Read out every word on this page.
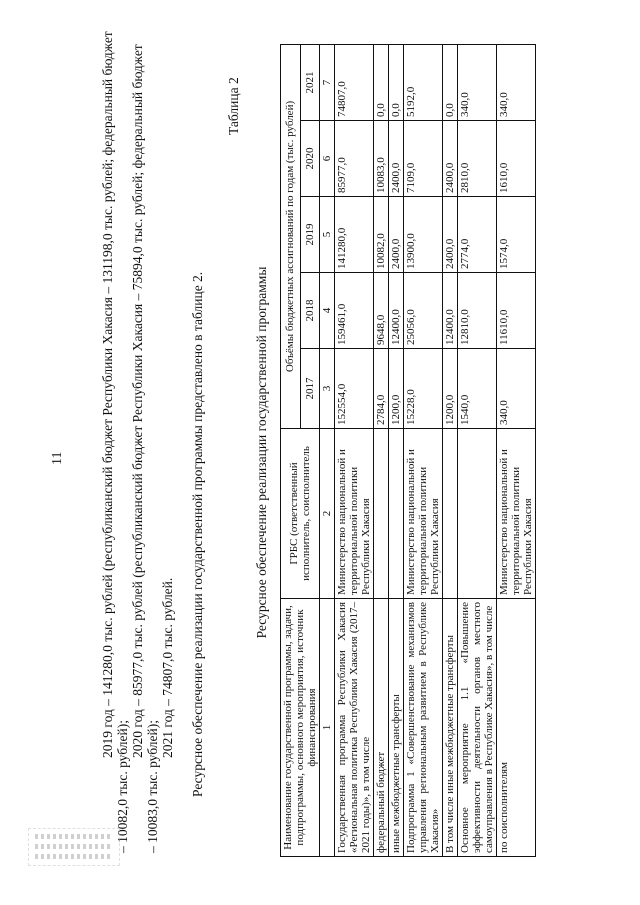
11	2019 год – 141280,0 тыс. рублей (республиканский бюджет Республики Хакасия – 131198,0 тыс. рублей; федеральный бюджет
– 10082,0 тыс. рублей);
2020 год – 85977,0 тыс. рублей (республиканский бюджет Республики Хакасия – 75894,0 тыс. рублей; федеральный бюджет
– 10083,0 тыс. рублей);
2021 год – 74807,0 тыс. рублей. Ресурсное обеспечение реализации государственной программы представлено в таблице 2.
Таблица 2
Ресурсное обеспечение реализации государственной программы
Наименование государственной программы, задачи, подпрограммы, основного мероприятия, источник финансирования	ГРБС (ответственный исполнитель, соисполнитель	Объёмы бюджетных ассигнований по годам (тыс. рублей)				
		2017	2018	2019	2020	2021
1	2	3	4	5	6	7
Государственная программа Республики Хакасия «Региональная политика Республики Хакасия (2017–2021 годы)», в том числе	Министерство национальной и территориальной политики Республики Хакасия	152554,0	159461,0	141280,0	85977,0	74807,0
федеральный бюджет		2784,0	9648,0	10082,0	10083,0	0,0
иные межбюджетные трансферты		1200,0	12400,0	2400,0	2400,0	0,0
Подпрограмма 1 «Совершенствование механизмов управления региональным развитием в Республике Хакасия»	Министерство национальной и территориальной политики Республики Хакасия	15228,0	25056,0	13900,0	7109,0	5192,0
В том числе иные межбюджетные трансферты		1200,0	12400,0	2400,0	2400,0	0,0
Основное мероприятие 1.1 «Повышение эффективности деятельности органов местного самоуправления в Республике Хакасия», в том числе		1540,0	12810,0	2774,0	2810,0	340,0
по соисполнителям	Министерство национальной и территориальной политики Республики Хакасия	340,0	11610,0	1574,0	1610,0	340,0
